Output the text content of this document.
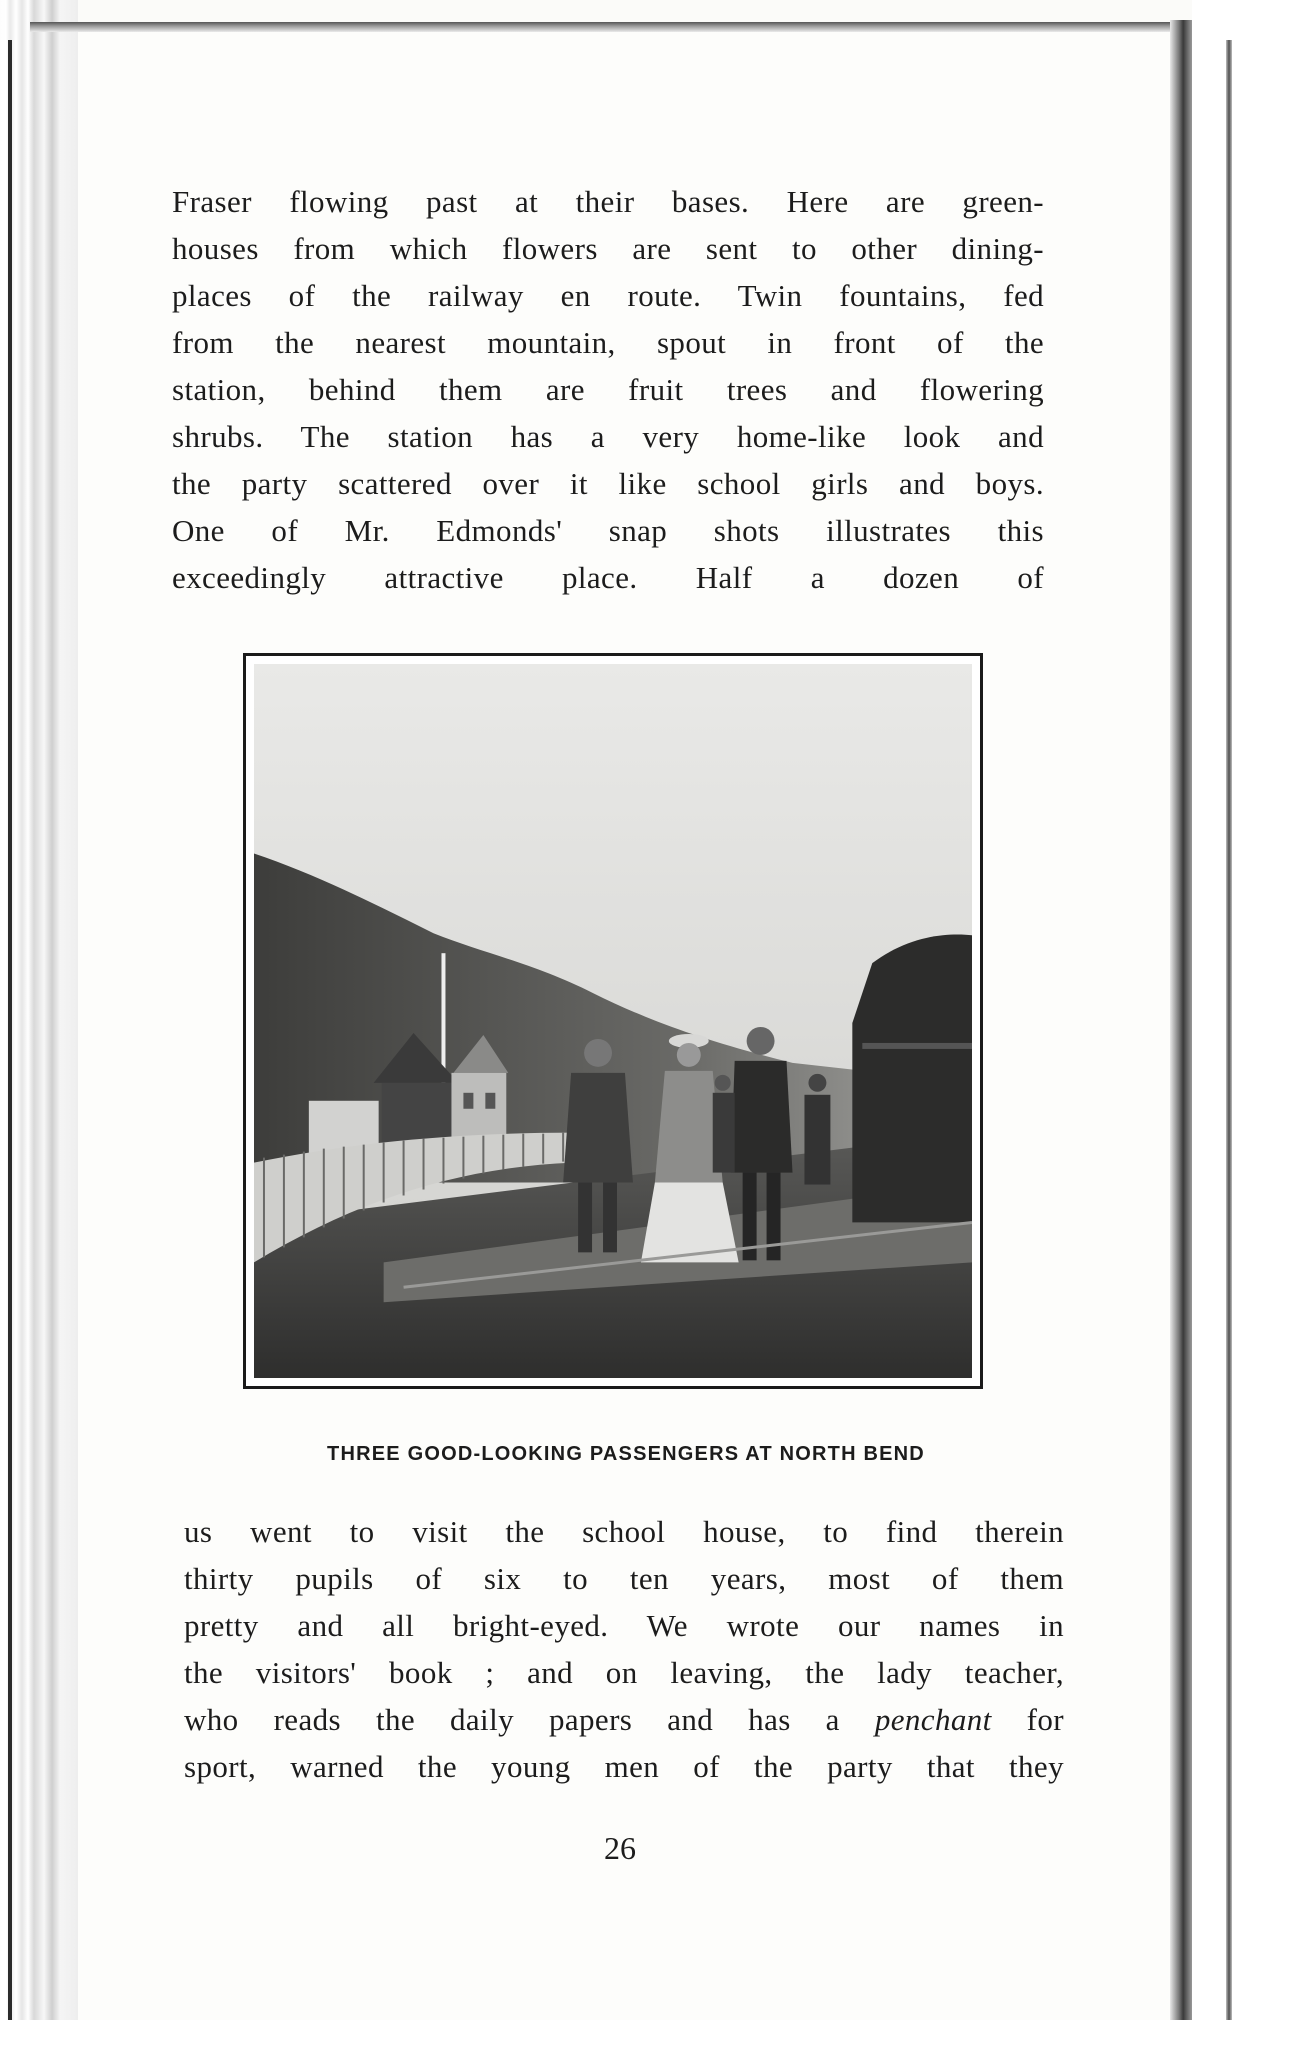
Fraser flowing past at their bases. Here are green-
houses from which flowers are sent to other dining-
places of the railway en route. Twin fountains, fed
from the nearest mountain, spout in front of the
station, behind them are fruit trees and flowering
shrubs. The station has a very home-like look and
the party scattered over it like school girls and boys.
One of Mr. Edmonds' snap shots illustrates this
exceedingly attractive place. Half a dozen of
THREE GOOD-LOOKING PASSENGERS AT NORTH BEND
us went to visit the school house, to find therein
thirty pupils of six to ten years, most of them
pretty and all bright-eyed. We wrote our names in
the visitors' book ; and on leaving, the lady teacher,
who reads the daily papers and has a penchant for
sport, warned the young men of the party that they
26
